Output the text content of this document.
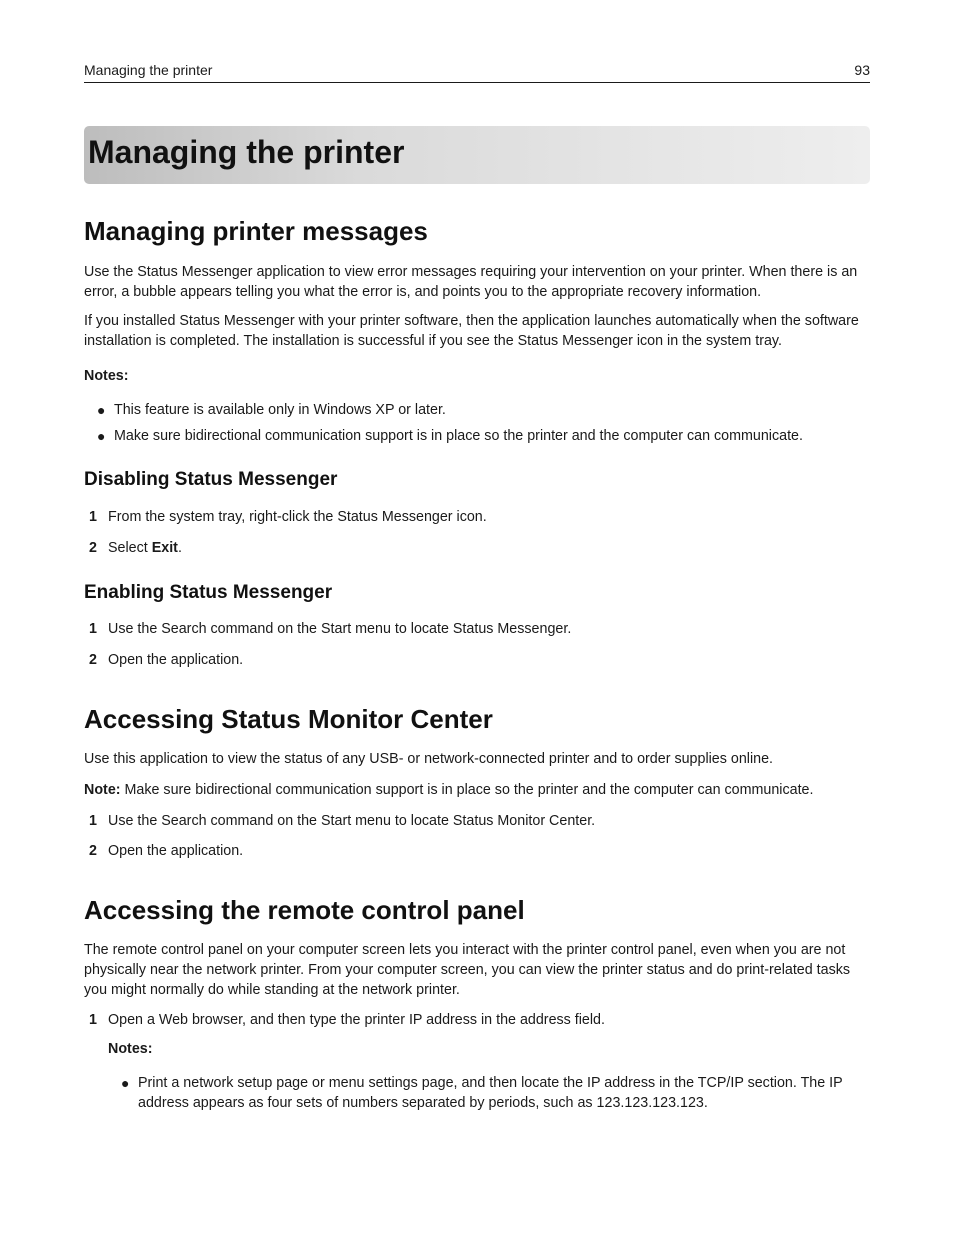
Managing the printer	93
Managing the printer
Managing printer messages

Use the Status Messenger application to view error messages requiring your intervention on your printer. When there is an error, a bubble appears telling you what the error is, and points you to the appropriate recovery information.

If you installed Status Messenger with your printer software, then the application launches automatically when the software installation is completed. The installation is successful if you see the Status Messenger icon in the system tray.

Notes:

● This feature is available only in Windows XP or later.
● Make sure bidirectional communication support is in place so the printer and the computer can communicate.
Disabling Status Messenger
1 From the system tray, right-click the Status Messenger icon.
2 Select Exit.
Enabling Status Messenger
1 Use the Search command on the Start menu to locate Status Messenger.
2 Open the application.
Accessing Status Monitor Center

Use this application to view the status of any USB- or network-connected printer and to order supplies online.

Note: Make sure bidirectional communication support is in place so the printer and the computer can communicate.

1 Use the Search command on the Start menu to locate Status Monitor Center.
2 Open the application.
Accessing the remote control panel

The remote control panel on your computer screen lets you interact with the printer control panel, even when you are not physically near the network printer. From your computer screen, you can view the printer status and do print-related tasks you might normally do while standing at the network printer.

1 Open a Web browser, and then type the printer IP address in the address field.

Notes:

● Print a network setup page or menu settings page, and then locate the IP address in the TCP/IP section. The IP address appears as four sets of numbers separated by periods, such as 123.123.123.123.
